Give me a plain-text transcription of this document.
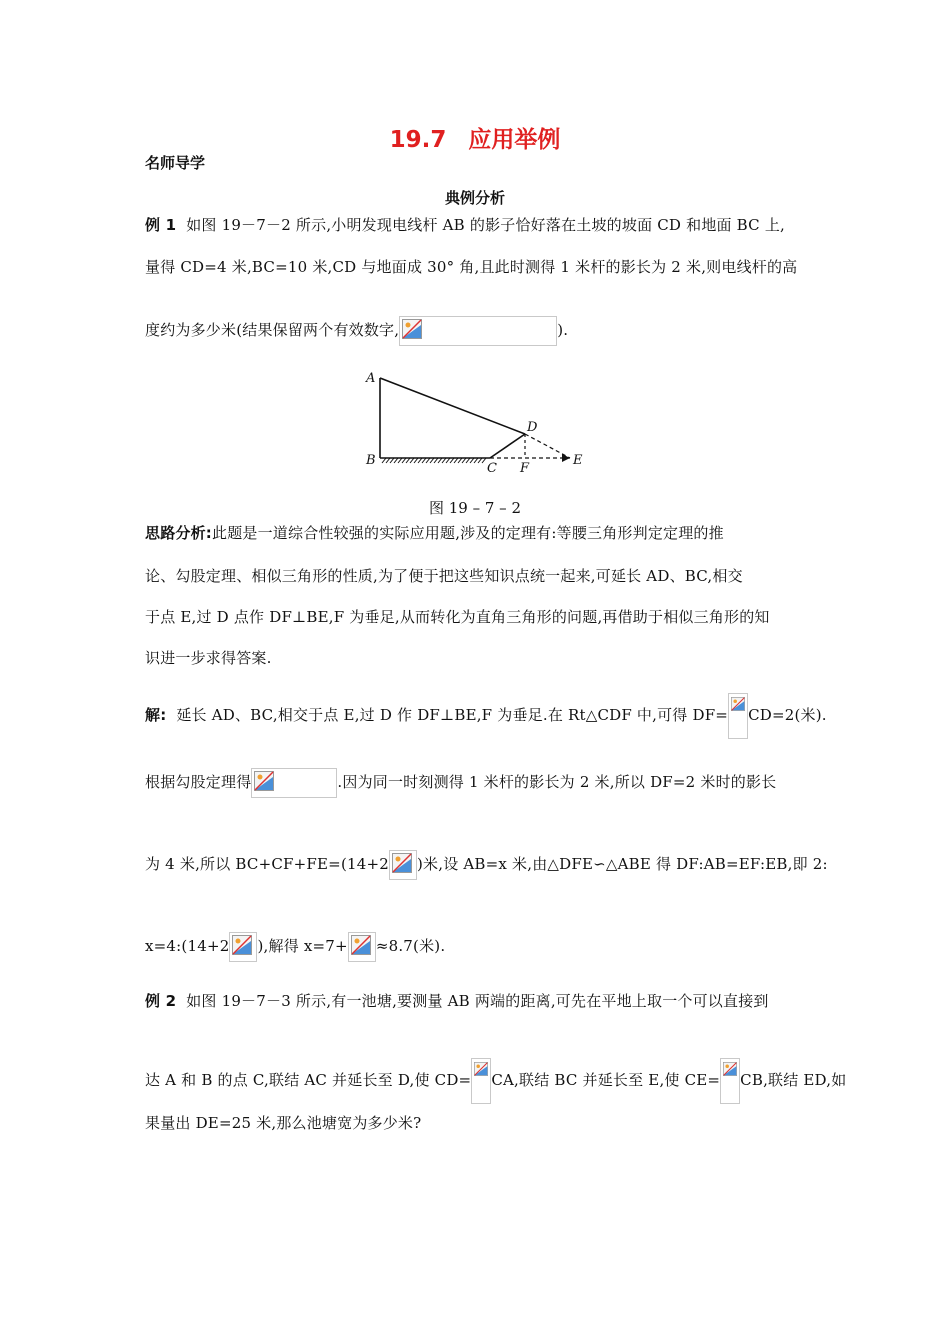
19.7 应用举例
名师导学
典例分析
例 1 如图 19－7－2 所示,小明发现电线杆 AB 的影子恰好落在土坡的坡面 CD 和地面 BC 上,
量得 CD=4 米,BC=10 米,CD 与地面成 30° 角,且此时测得 1 米杆的影长为 2 米,则电线杆的高
度约为多少米(结果保留两个有效数字,	).
A
B
C
D
E
F
图 19 – 7 – 2
思路分析:此题是一道综合性较强的实际应用题,涉及的定理有:等腰三角形判定定理的推
论、勾股定理、相似三角形的性质,为了便于把这些知识点统一起来,可延长 AD、BC,相交
于点 E,过 D 点作 DF⊥BE,F 为垂足,从而转化为直角三角形的问题,再借助于相似三角形的知
识进一步求得答案.
解: 延长 AD、BC,相交于点 E,过 D 作 DF⊥BE,F 为垂足.在 Rt△CDF 中,可得 DF= CD=2(米).
根据勾股定理得	.因为同一时刻测得 1 米杆的影长为 2 米,所以 DF=2 米时的影长
为 4 米,所以 BC+CF+FE=(14+2 )米,设 AB=x 米,由△DFE∽△ABE 得 DF:AB=EF:EB,即 2:
x=4:(14+2 ),解得 x=7+ ≈8.7(米).
例 2 如图 19－7－3 所示,有一池塘,要测量 AB 两端的距离,可先在平地上取一个可以直接到
达 A 和 B 的点 C,联结 AC 并延长至 D,使 CD= CA,联结 BC 并延长至 E,使 CE= CB,联结 ED,如
果量出 DE=25 米,那么池塘宽为多少米?
